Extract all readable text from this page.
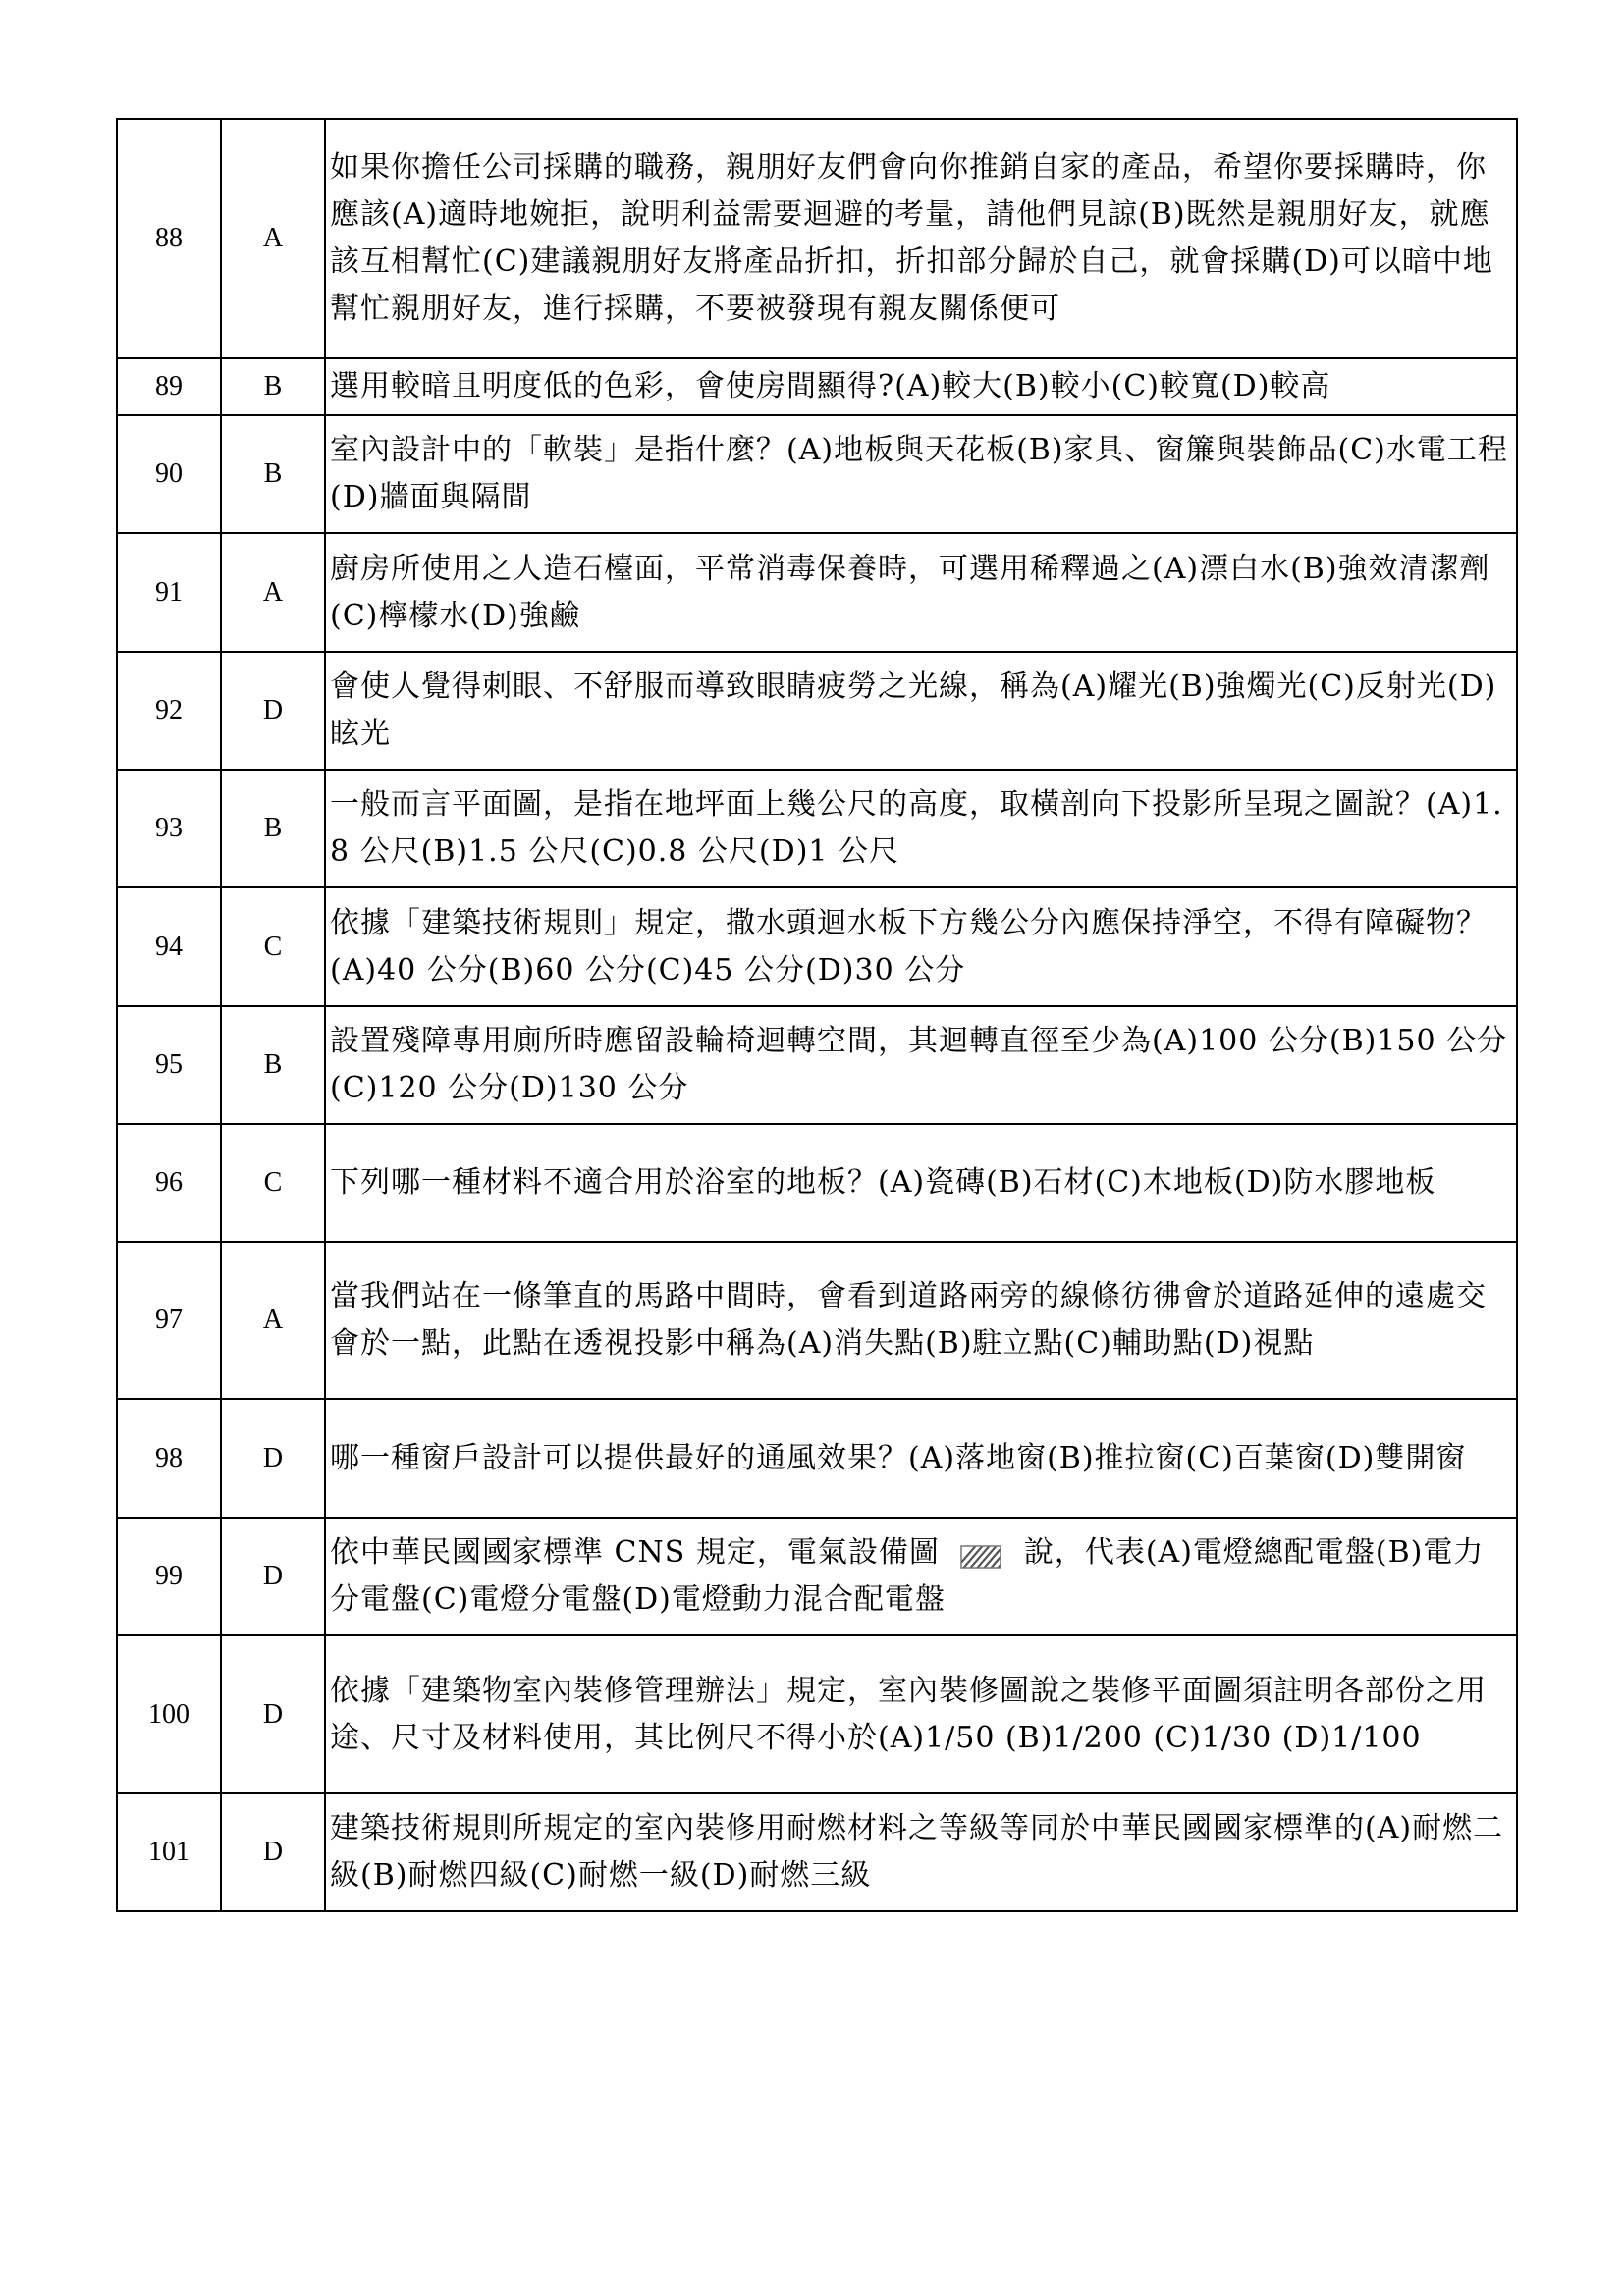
88	A	如果你擔任公司採購的職務，親朋好友們會向你推銷自家的產品，希望你要採購時，你應該(A)適時地婉拒，說明利益需要迴避的考量，請他們見諒(B)既然是親朋好友，就應該互相幫忙(C)建議親朋好友將產品折扣，折扣部分歸於自己，就會採購(D)可以暗中地幫忙親朋好友，進行採購，不要被發現有親友關係便可
89	B	選用較暗且明度低的色彩，會使房間顯得?(A)較大(B)較小(C)較寬(D)較高
90	B	室內設計中的「軟裝」是指什麼？(A)地板與天花板(B)家具、窗簾與裝飾品(C)水電工程(D)牆面與隔間
91	A	廚房所使用之人造石檯面，平常消毒保養時，可選用稀釋過之(A)漂白水(B)強效清潔劑(C)檸檬水(D)強鹼
92	D	會使人覺得刺眼、不舒服而導致眼睛疲勞之光線，稱為(A)耀光(B)強燭光(C)反射光(D)眩光
93	B	一般而言平面圖，是指在地坪面上幾公尺的高度，取橫剖向下投影所呈現之圖說？(A)1.8 公尺(B)1.5 公尺(C)0.8 公尺(D)1 公尺
94	C	依據「建築技術規則」規定，撒水頭迴水板下方幾公分內應保持淨空，不得有障礙物？(A)40 公分(B)60 公分(C)45 公分(D)30 公分
95	B	設置殘障專用廁所時應留設輪椅迴轉空間，其迴轉直徑至少為(A)100 公分(B)150 公分(C)120 公分(D)130 公分
96	C	下列哪一種材料不適合用於浴室的地板？(A)瓷磚(B)石材(C)木地板(D)防水膠地板
97	A	當我們站在一條筆直的馬路中間時，會看到道路兩旁的線條彷彿會於道路延伸的遠處交會於一點，此點在透視投影中稱為(A)消失點(B)駐立點(C)輔助點(D)視點
98	D	哪一種窗戶設計可以提供最好的通風效果？(A)落地窗(B)推拉窗(C)百葉窗(D)雙開窗
99	D	依中華民國國家標準 CNS 規定，電氣設備圖 說，代表(A)電燈總配電盤(B)電力分電盤(C)電燈分電盤(D)電燈動力混合配電盤
100	D	依據「建築物室內裝修管理辦法」規定，室內裝修圖說之裝修平面圖須註明各部份之用途、尺寸及材料使用，其比例尺不得小於(A)1/50 (B)1/200 (C)1/30 (D)1/100
101	D	建築技術規則所規定的室內裝修用耐燃材料之等級等同於中華民國國家標準的(A)耐燃二級(B)耐燃四級(C)耐燃一級(D)耐燃三級
